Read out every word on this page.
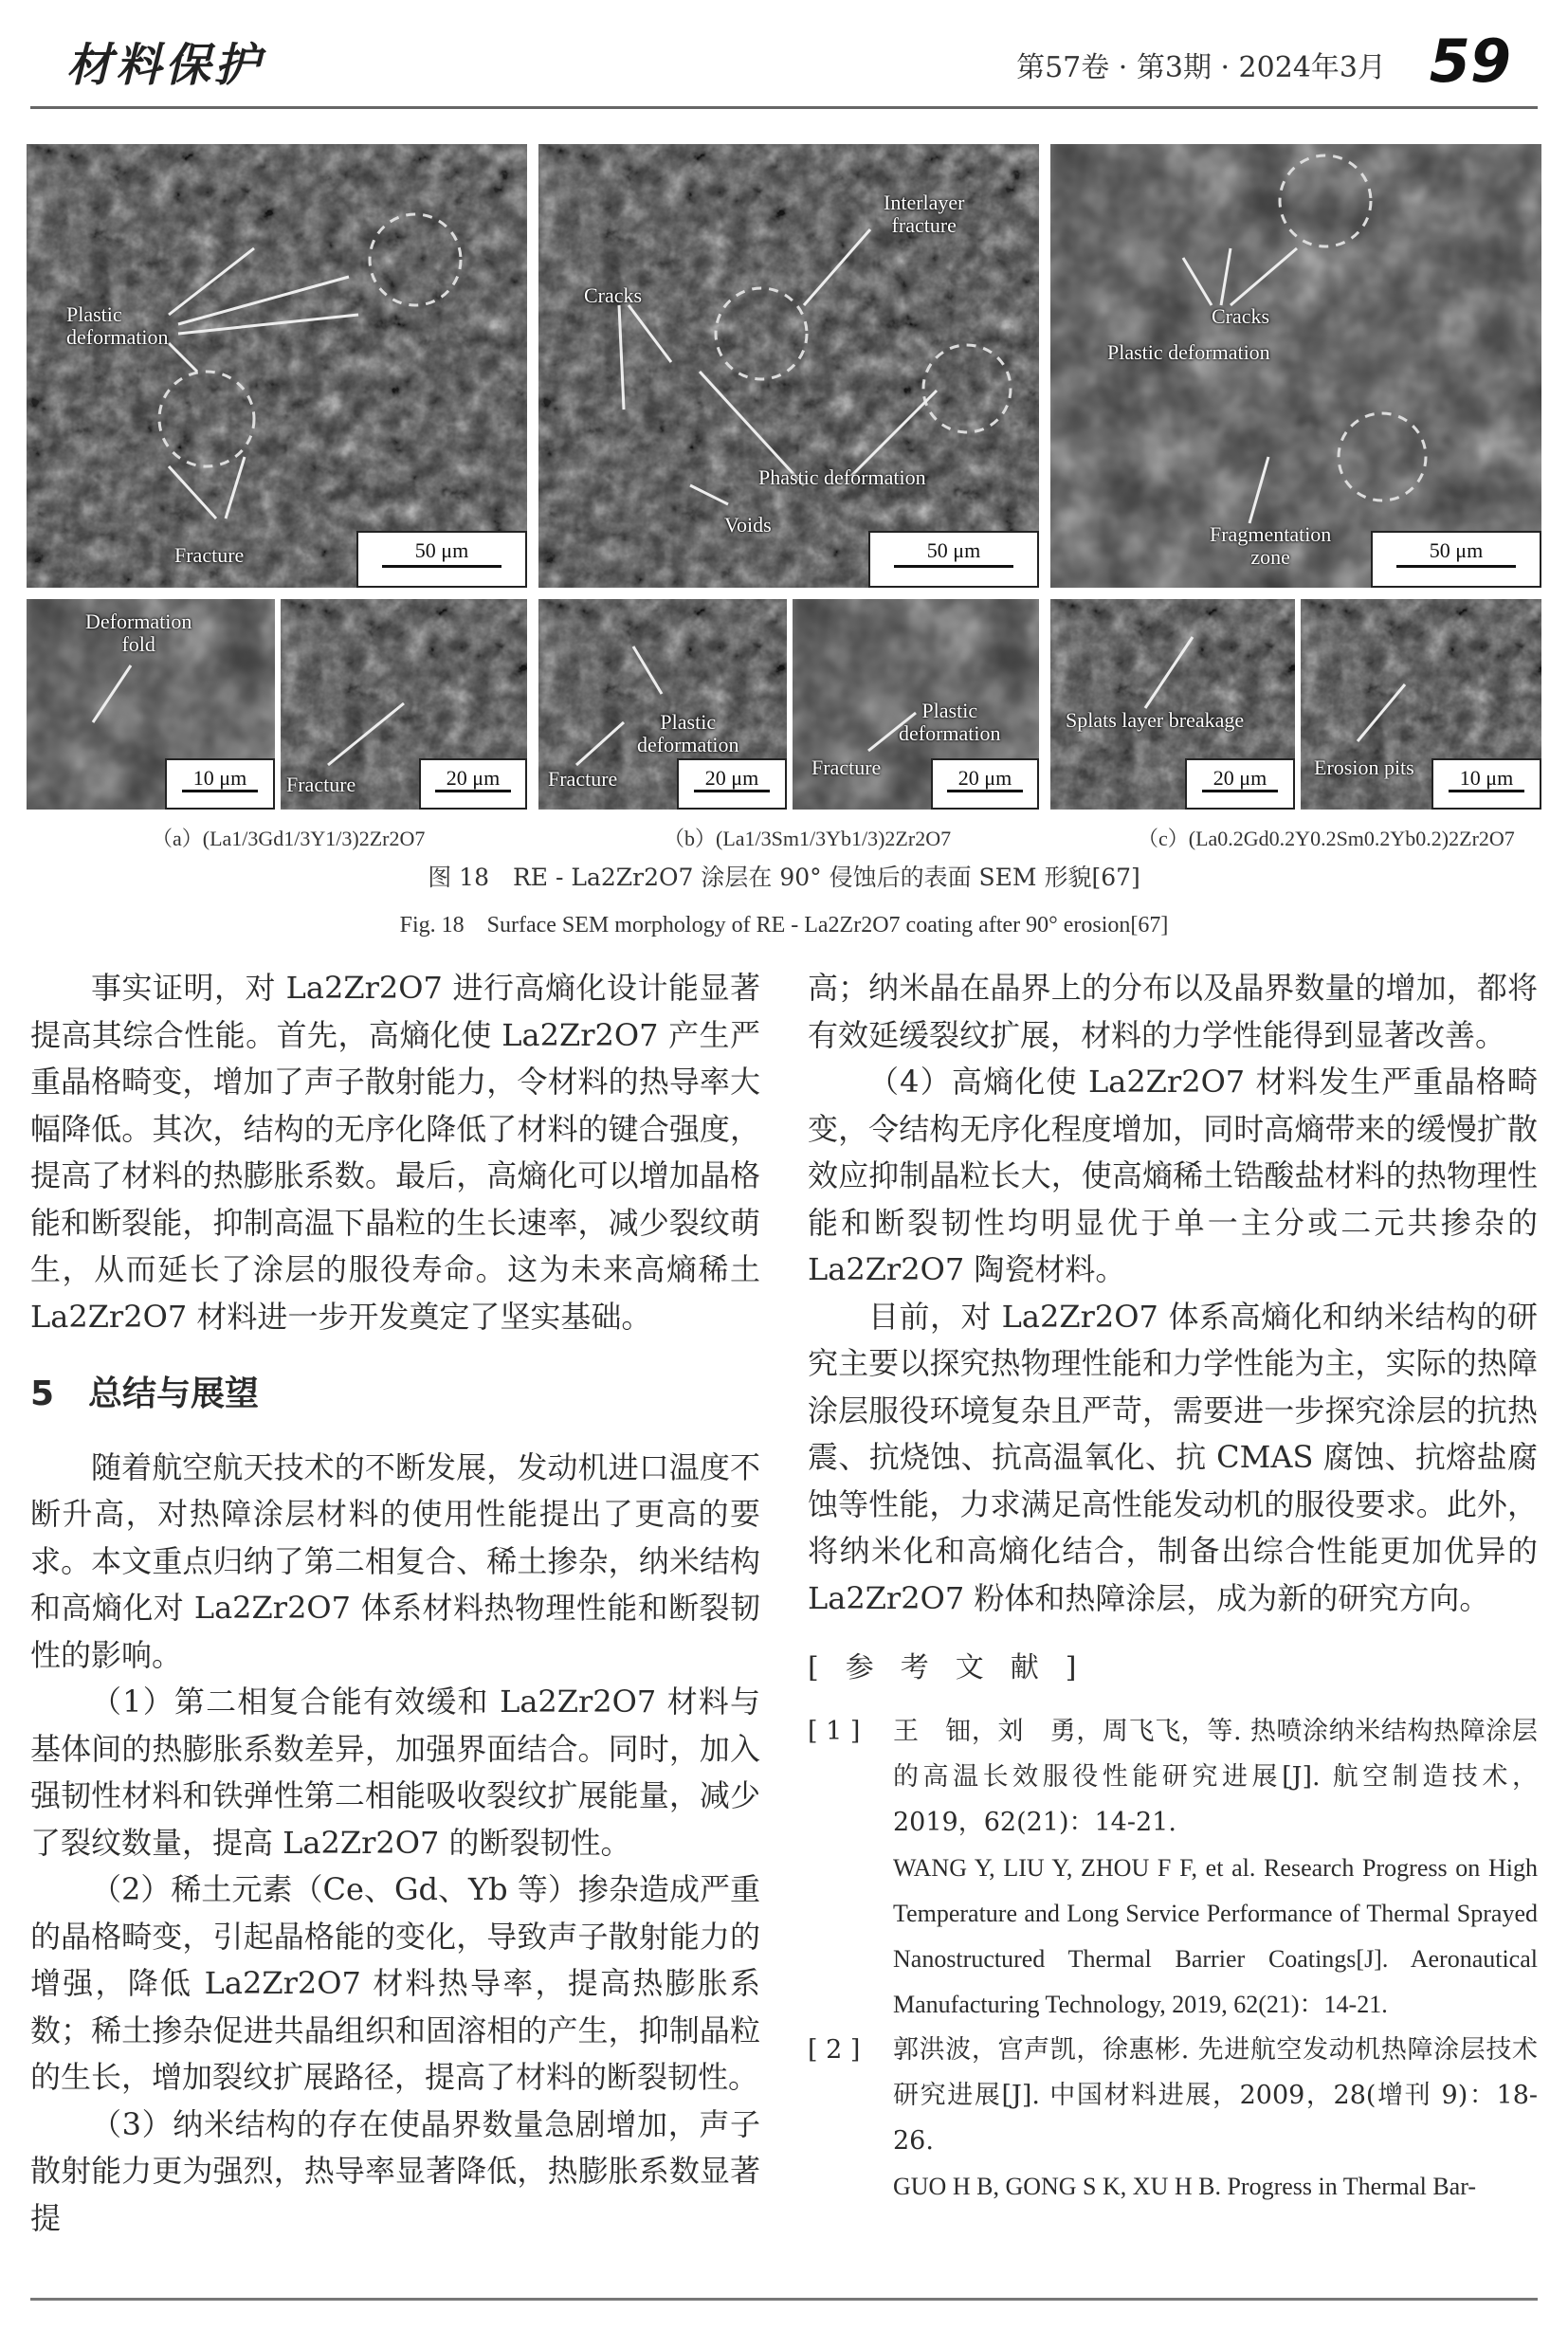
材料保护	第57卷 · 第3期 · 2024年3月 59
Plastic
deformation
Fracture	50 μm
Interlayer
fracture
Cracks
Phastic deformation
Voids
50 μm
Cracks
Plastic deformation
Fragmentation
zone	50 μm
Deformation
fold
10 μm	Fracture	20 μm
Plastic
deformation
Fracture	20 μm
Plastic
deformation
Fracture	20 μm
Splats layer breakage
20 μm	Erosion pits	10 μm
（a）(La1/3Gd1/3Y1/3)2Zr2O7	（b）(La1/3Sm1/3Yb1/3)2Zr2O7	（c）(La0.2Gd0.2Y0.2Sm0.2Yb0.2)2Zr2O7
图 18　RE - La2Zr2O7 涂层在 90° 侵蚀后的表面 SEM 形貌[67]
Fig. 18　Surface SEM morphology of RE - La2Zr2O7 coating after 90° erosion[67]

事实证明，对 La2Zr2O7 进行高熵化设计能显著提高其综合性能。首先，高熵化使 La2Zr2O7 产生严重晶格畸变，增加了声子散射能力，令材料的热导率大幅降低。其次，结构的无序化降低了材料的键合强度，提高了材料的热膨胀系数。最后，高熵化可以增加晶格能和断裂能，抑制高温下晶粒的生长速率，减少裂纹萌生，从而延长了涂层的服役寿命。这为未来高熵稀土 La2Zr2O7 材料进一步开发奠定了坚实基础。

5　总结与展望

随着航空航天技术的不断发展，发动机进口温度不断升高，对热障涂层材料的使用性能提出了更高的要求。本文重点归纳了第二相复合、稀土掺杂，纳米结构和高熵化对 La2Zr2O7 体系材料热物理性能和断裂韧性的影响。

（1）第二相复合能有效缓和 La2Zr2O7 材料与基体间的热膨胀系数差异，加强界面结合。同时，加入强韧性材料和铁弹性第二相能吸收裂纹扩展能量，减少了裂纹数量，提高 La2Zr2O7 的断裂韧性。

（2）稀土元素（Ce、Gd、Yb 等）掺杂造成严重的晶格畸变，引起晶格能的变化，导致声子散射能力的增强，降低 La2Zr2O7 材料热导率，提高热膨胀系数；稀土掺杂促进共晶组织和固溶相的产生，抑制晶粒的生长，增加裂纹扩展路径，提高了材料的断裂韧性。

（3）纳米结构的存在使晶界数量急剧增加，声子散射能力更为强烈，热导率显著降低，热膨胀系数显著提

高；纳米晶在晶界上的分布以及晶界数量的增加，都将有效延缓裂纹扩展，材料的力学性能得到显著改善。

（4）高熵化使 La2Zr2O7 材料发生严重晶格畸变，令结构无序化程度增加，同时高熵带来的缓慢扩散效应抑制晶粒长大，使高熵稀土锆酸盐材料的热物理性能和断裂韧性均明显优于单一主分或二元共掺杂的 La2Zr2O7 陶瓷材料。

目前，对 La2Zr2O7 体系高熵化和纳米结构的研究主要以探究热物理性能和力学性能为主，实际的热障涂层服役环境复杂且严苛，需要进一步探究涂层的抗热震、抗烧蚀、抗高温氧化、抗 CMAS 腐蚀、抗熔盐腐蚀等性能，力求满足高性能发动机的服役要求。此外，将纳米化和高熵化结合，制备出综合性能更加优异的 La2Zr2O7 粉体和热障涂层，成为新的研究方向。

[参考文献]

[ 1 ] 王　钿，刘　勇，周飞飞，等. 热喷涂纳米结构热障涂层的高温长效服役性能研究进展[J]. 航空制造技术，2019，62(21)：14-21.
WANG Y, LIU Y, ZHOU F F, et al. Research Progress on High Temperature and Long Service Performance of Thermal Sprayed Nanostructured Thermal Barrier Coatings[J]. Aeronautical Manufacturing Technology, 2019, 62(21)：14-21.

[ 2 ] 郭洪波，宫声凯，徐惠彬. 先进航空发动机热障涂层技术研究进展[J]. 中国材料进展，2009，28(增刊 9)：18-26.
GUO H B, GONG S K, XU H B. Progress in Thermal Bar-
